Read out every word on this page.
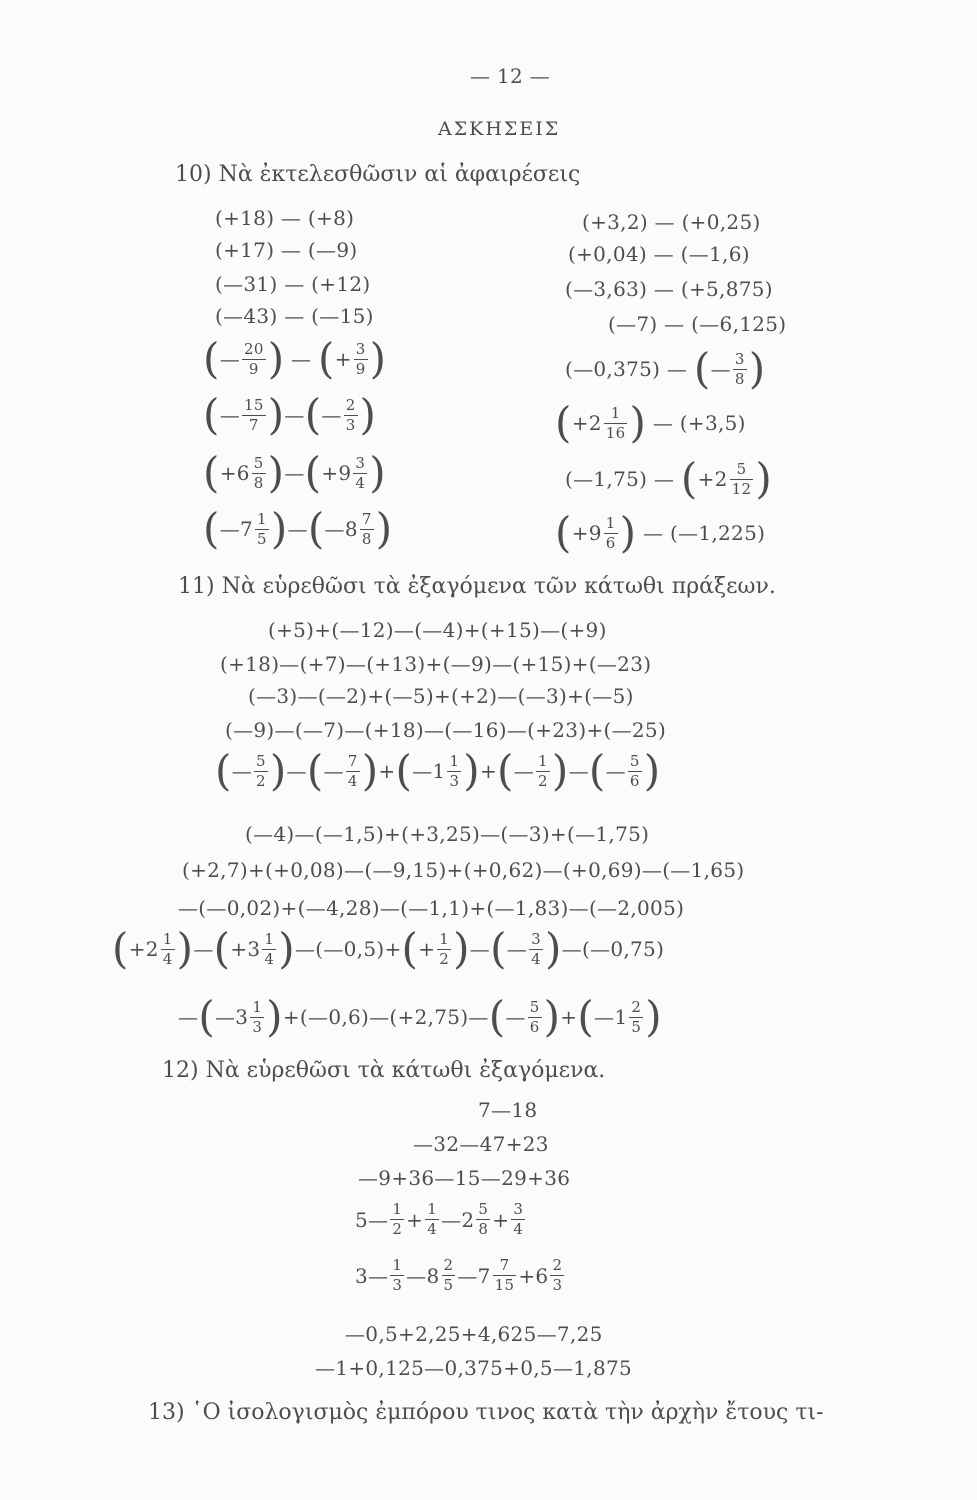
— 12 —
ΑΣΚΗΣΕΙΣ
10) Νὰ ἐκτελεσθῶσιν αἱ ἀφαιρέσεις
(+18) — (+8)
(+17) — (—9)
(—31) — (+12)
(—43) — (—15)
(+3,2) — (+0,25)
(+0,04) — (—1,6)
(—3,63) — (+5,875)
(—7) — (—6,125)
(— $\frac{20}{9}$ ) — (+ $\frac{3}{9}$ )
(— $\frac{15}{7}$ )—(— $\frac{2}{3}$ )
($+6 \frac{5}{8}$ )—(+9 $\frac{3}{4}$ )
(—7 $\frac{1}{5}$ )—(—8 $\frac{7}{8}$ )
(—0,375) — (— $\frac{3}{8}$ )
($+2 \frac{1}{16}$ ) — (+3,5)
(—1,75) — ($+2 \frac{5}{12}$ )
($+9 \frac{1}{6}$ ) — (—1,225)
11) Νὰ εὑρεθῶσι τὰ ἐξαγόμενα τῶν κάτωθι πράξεων.
(+5)+(—12)—(—4)+(+15)—(+9)
(+18)—(+7)—(+13)+(—9)—(+15)+(—23)
(—3)—(—2)+(—5)+(+2)—(—3)+(—5)
(—9)—(—7)—(+18)—(—16)—(+23)+(—25)
(— $\frac{5}{2}$ )—(— $\frac{7}{4}$ )+(—1 $\frac{1}{3}$ )+(— $\frac{1}{2}$ )—(— $\frac{5}{6}$ )
(—4)—(—1,5)+(+3,25)—(—3)+(—1,75)
(+2,7)+(+0,08)—(—9,15)+(+0,62)—(+0,69)—(—1,65)
—(—0,02)+(—4,28)—(—1,1)+(—1,83)—(—2,005)
($+2 \frac{1}{4}$ )—(+3 $\frac{1}{4}$ )—(—0,5)+(+ $\frac{1}{2}$ )—(— $\frac{3}{4}$ )—(—0,75)
—(—3 $\frac{1}{3}$ )+(—0,6)—(+2,75)—(— $\frac{5}{6}$ )+(—1 $\frac{2}{5}$ )
12) Νὰ εὑρεθῶσι τὰ κάτωθι ἐξαγόμενα.
7—18
—32—47+23
—9+36—15—29+36
5— $\frac{1}{2} + \frac{1}{4}$ —2 $\frac{5}{8} + \frac{3}{4}$
3— $\frac{1}{3}$ —8 $\frac{2}{5}$ —7 $\frac{7}{15} +6 \frac{2}{3}$
—0,5+2,25+4,625—7,25
—1+0,125—0,375+0,5—1,875
13) ῾Ο ἰσολογισμὸς ἐμπόρου τινος κατὰ τὴν ἀρχὴν ἔτους τι-
